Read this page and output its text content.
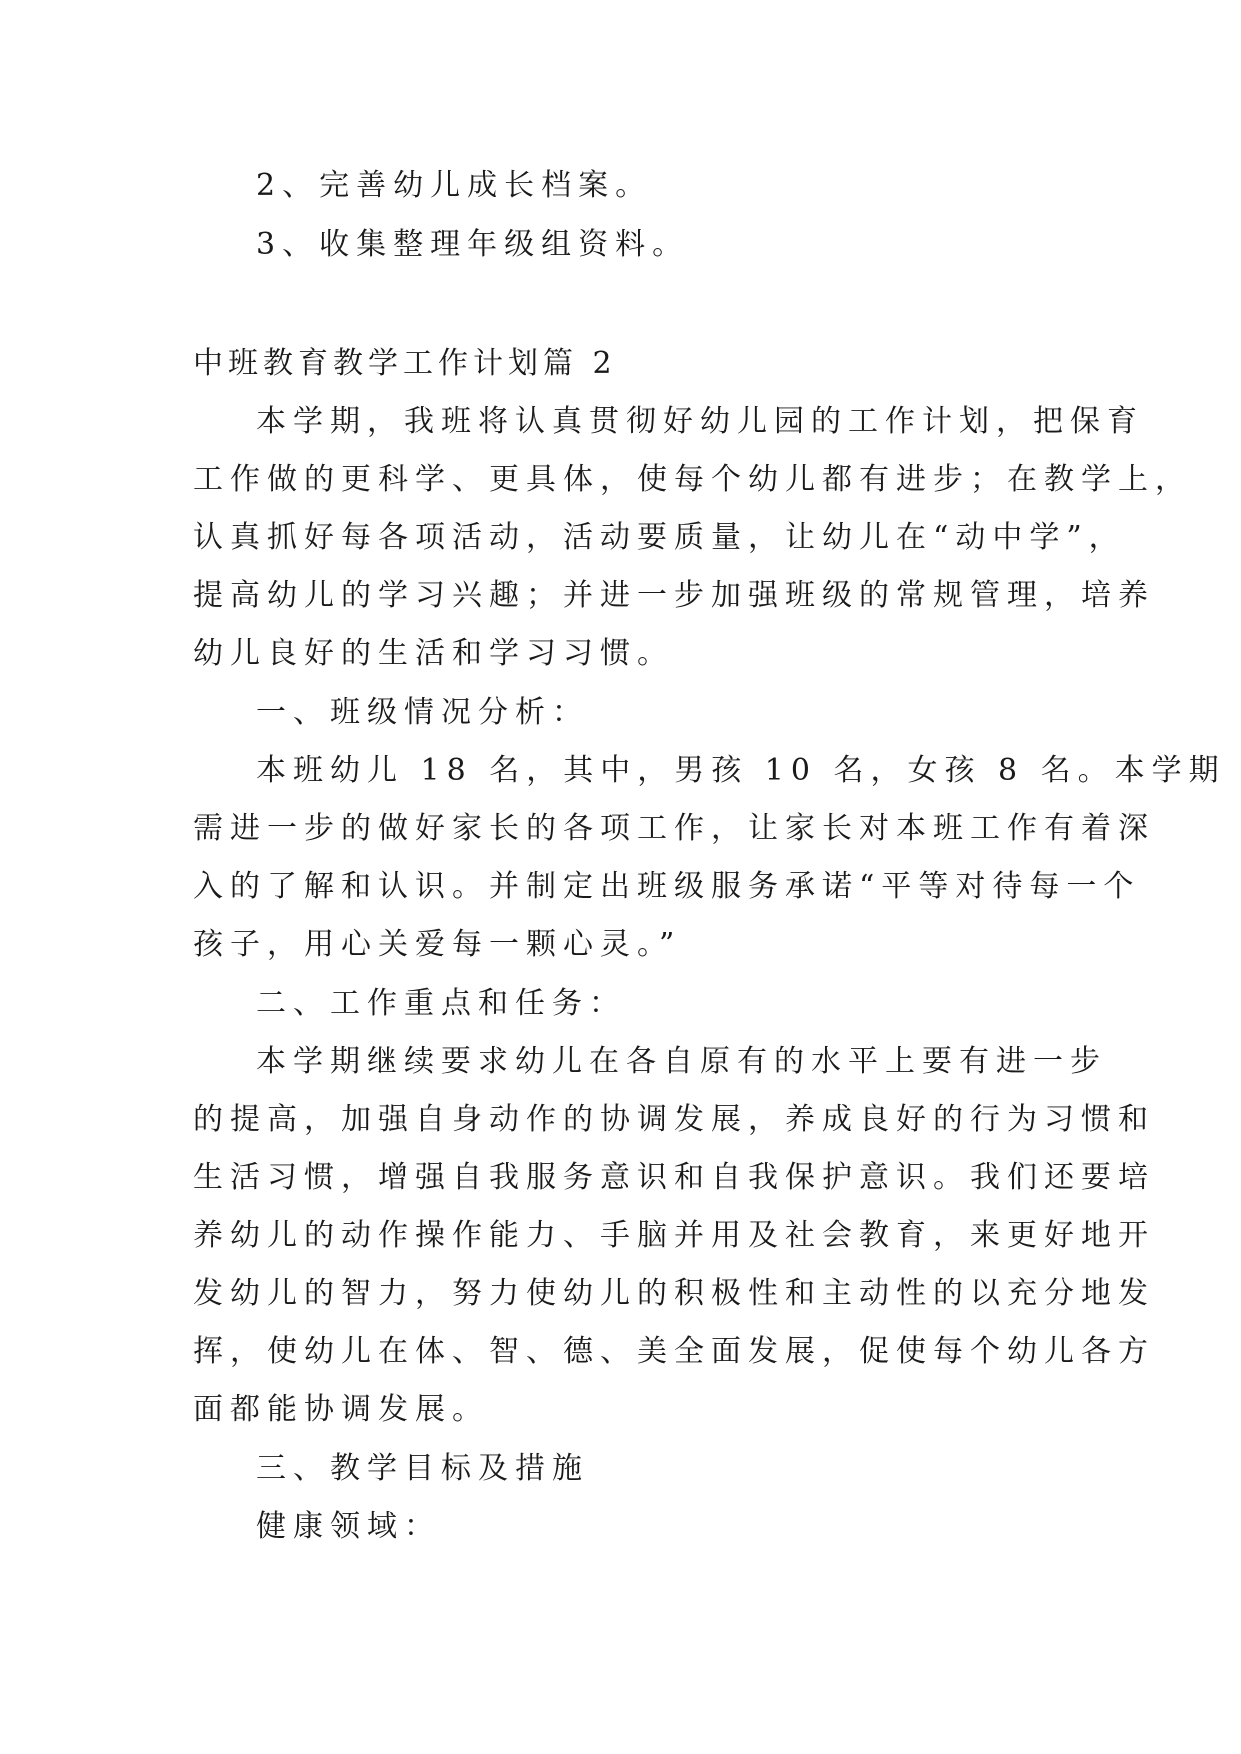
2、完善幼儿成长档案。
3、收集整理年级组资料。
中班教育教学工作计划篇 2
本学期，我班将认真贯彻好幼儿园的工作计划，把保育
工作做的更科学、更具体，使每个幼儿都有进步；在教学上，
认真抓好每各项活动，活动要质量，让幼儿在“动中学”，
提高幼儿的学习兴趣；并进一步加强班级的常规管理，培养
幼儿良好的生活和学习习惯。
一、班级情况分析：
本班幼儿 18 名，其中，男孩 10 名，女孩 8 名。本学期
需进一步的做好家长的各项工作，让家长对本班工作有着深
入的了解和认识。并制定出班级服务承诺“平等对待每一个
孩子，用心关爱每一颗心灵。”
二、工作重点和任务：
本学期继续要求幼儿在各自原有的水平上要有进一步
的提高，加强自身动作的协调发展，养成良好的行为习惯和
生活习惯，增强自我服务意识和自我保护意识。我们还要培
养幼儿的动作操作能力、手脑并用及社会教育，来更好地开
发幼儿的智力，努力使幼儿的积极性和主动性的以充分地发
挥，使幼儿在体、智、德、美全面发展，促使每个幼儿各方
面都能协调发展。
三、教学目标及措施
健康领域：
